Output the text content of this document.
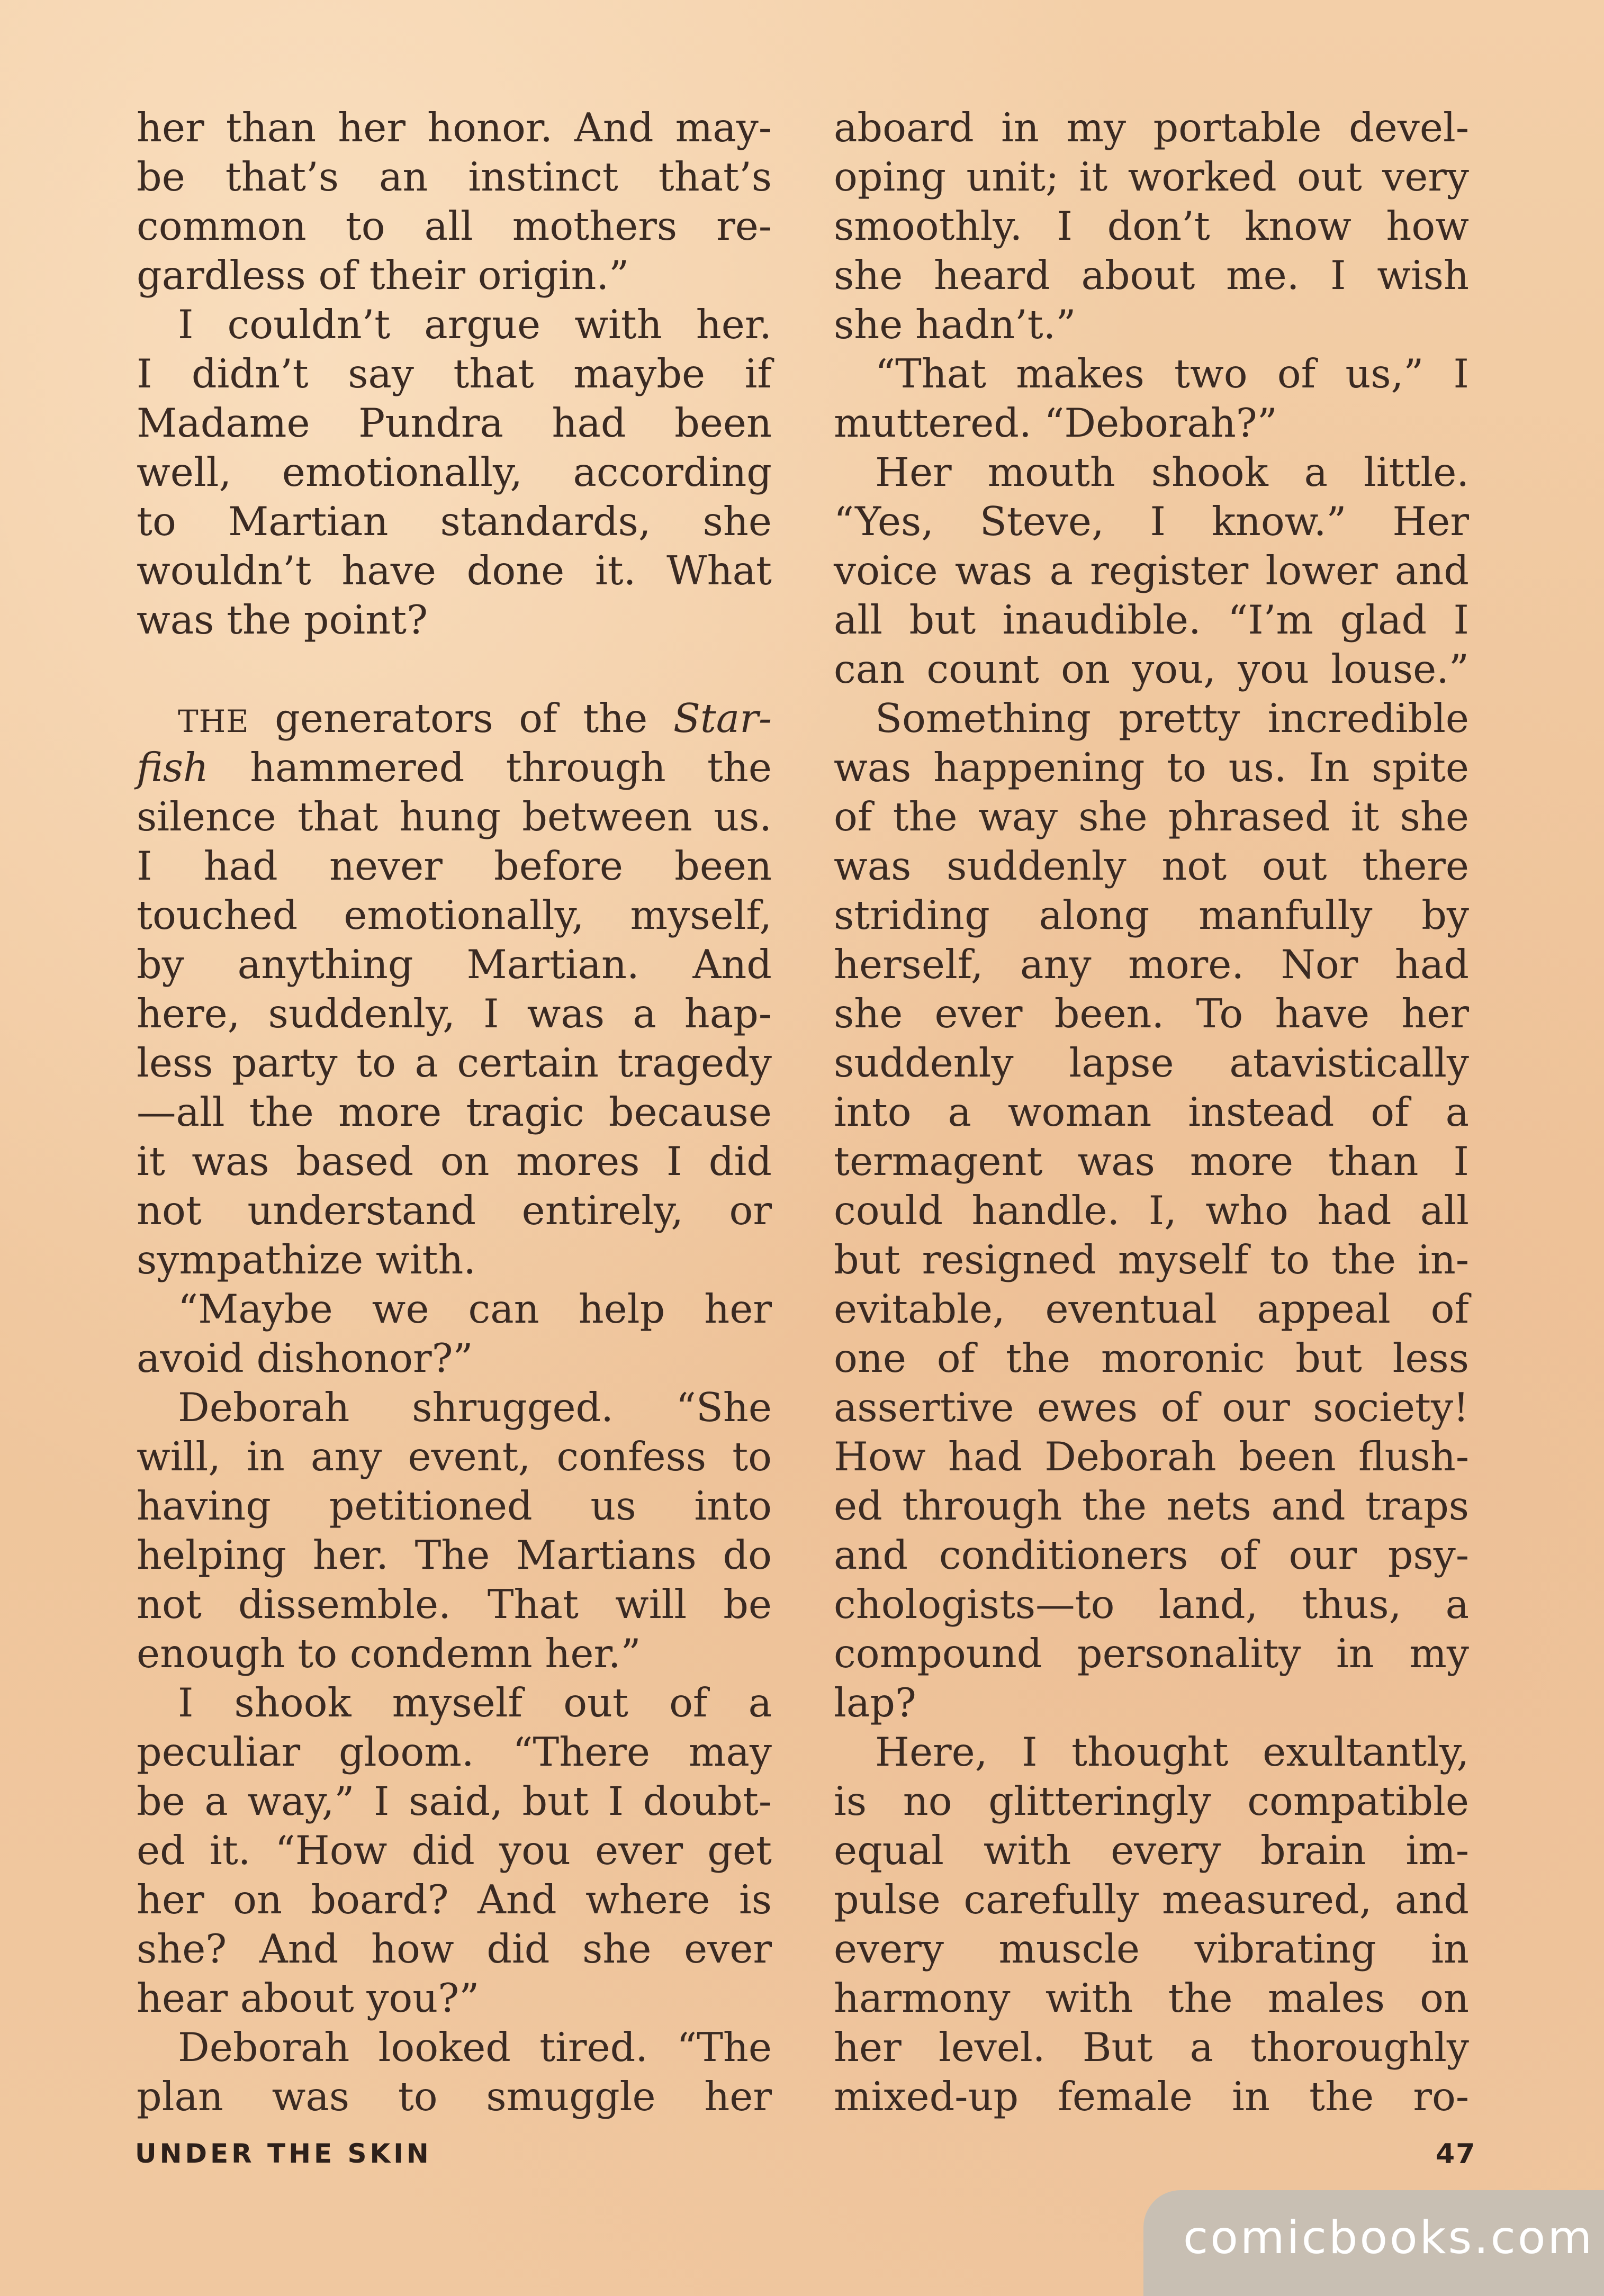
her than her honor. And may-
be that’s an instinct that’s
common to all mothers re-
gardless of their origin.”
I couldn’t argue with her.
I didn’t say that maybe if
Madame Pundra had been
well, emotionally, according
to Martian standards, she
wouldn’t have done it. What
was the point?
THE generators of the Star-
fish hammered through the
silence that hung between us.
I had never before been
touched emotionally, myself,
by anything Martian. And
here, suddenly, I was a hap-
less party to a certain tragedy
—all the more tragic because
it was based on mores I did
not understand entirely, or
sympathize with.
“Maybe we can help her
avoid dishonor?”
Deborah shrugged. “She
will, in any event, confess to
having petitioned us into
helping her. The Martians do
not dissemble. That will be
enough to condemn her.”
I shook myself out of a
peculiar gloom. “There may
be a way,” I said, but I doubt-
ed it. “How did you ever get
her on board? And where is
she? And how did she ever
hear about you?”
Deborah looked tired. “The
plan was to smuggle her
aboard in my portable devel-
oping unit; it worked out very
smoothly. I don’t know how
she heard about me. I wish
she hadn’t.”
“That makes two of us,” I
muttered. “Deborah?”
Her mouth shook a little.
“Yes, Steve, I know.” Her
voice was a register lower and
all but inaudible. “I’m glad I
can count on you, you louse.”
Something pretty incredible
was happening to us. In spite
of the way she phrased it she
was suddenly not out there
striding along manfully by
herself, any more. Nor had
she ever been. To have her
suddenly lapse atavistically
into a woman instead of a
termagent was more than I
could handle. I, who had all
but resigned myself to the in-
evitable, eventual appeal of
one of the moronic but less
assertive ewes of our society!
How had Deborah been flush-
ed through the nets and traps
and conditioners of our psy-
chologists—to land, thus, a
compound personality in my
lap?
Here, I thought exultantly,
is no glitteringly compatible
equal with every brain im-
pulse carefully measured, and
every muscle vibrating in
harmony with the males on
her level. But a thoroughly
mixed-up female in the ro-
UNDER THE SKIN	47
comicbooks.com
